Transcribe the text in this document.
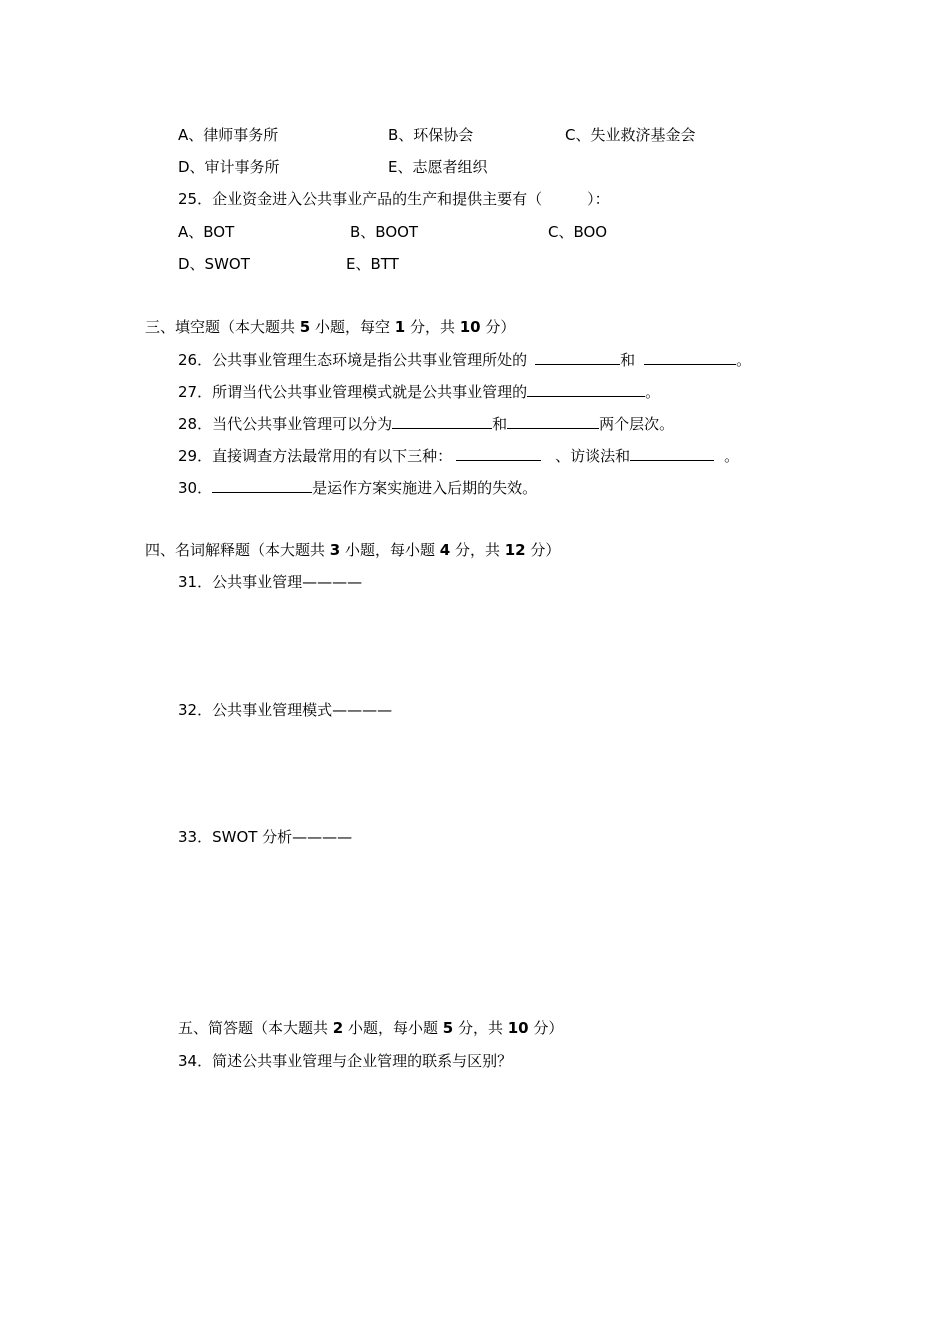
A、律师事务所	B、环保协会	C、失业救济基金会
D、审计事务所	E、志愿者组织
25．企业资金进入公共事业产品的生产和提供主要有（　　　）：
A、BOT	B、BOOT	C、BOO
D、SWOT	E、BTT
三、填空题（本大题共 5 小题，每空 1 分，共 10 分）
26．公共事业管理生态环境是指公共事业管理所处的	和	。
27．所谓当代公共事业管理模式就是公共事业管理的	。
28．当代公共事业管理可以分为	和	两个层次。
29．直接调查方法最常用的有以下三种：	、访谈法和	。
30．	是运作方案实施进入后期的失效。
四、名词解释题（本大题共 3 小题，每小题 4 分，共 12 分）
31．公共事业管理————
32．公共事业管理模式————
33．SWOT 分析————
五、简答题（本大题共 2 小题，每小题 5 分，共 10 分）
34．简述公共事业管理与企业管理的联系与区别？
